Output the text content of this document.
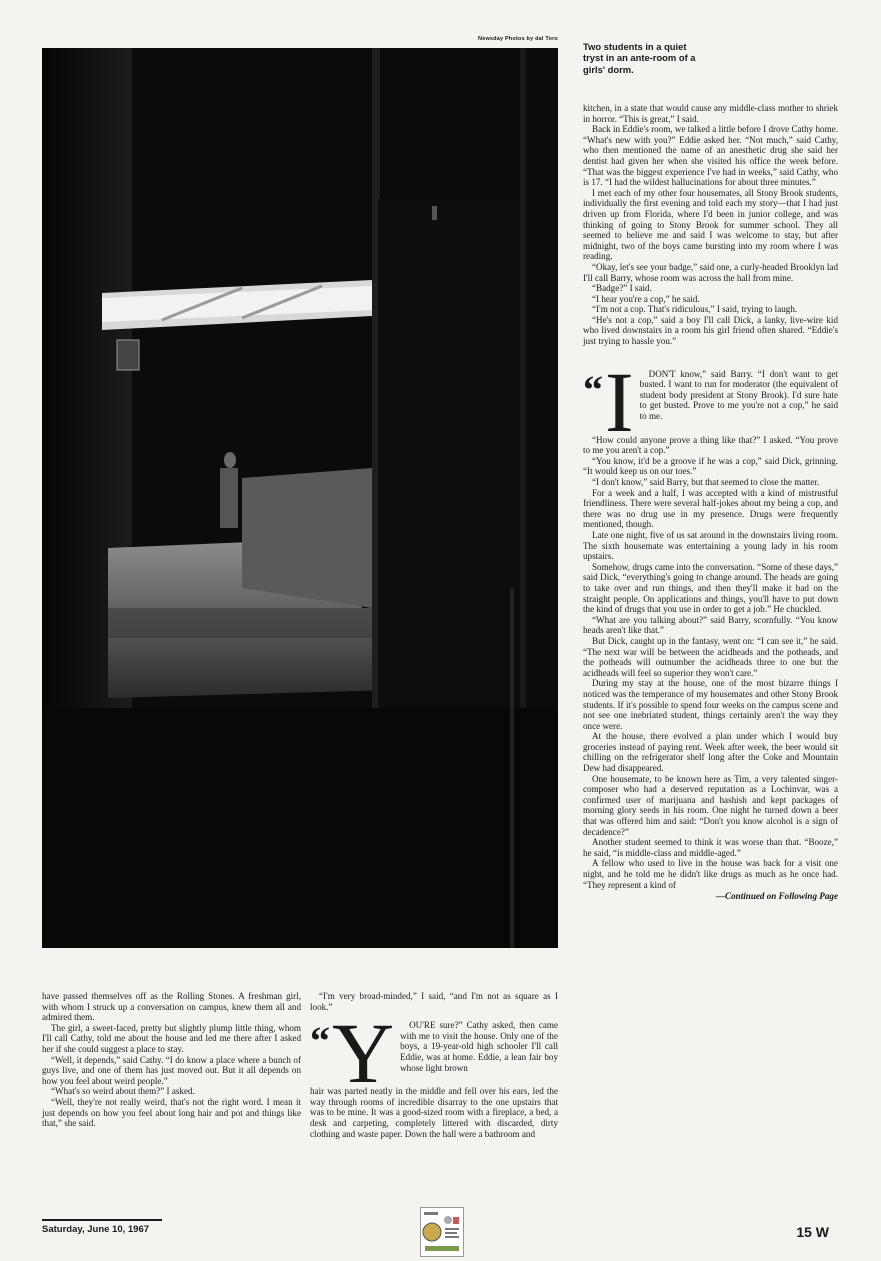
Newsday Photos by dal Toro
Two students in a quiet tryst in an ante-room of a girls' dorm.

have passed themselves off as the Rolling Stones. A freshman girl, with whom I struck up a conversation on campus, knew them all and admired them.

The girl, a sweet-faced, pretty but slightly plump little thing, whom I'll call Cathy, told me about the house and led me there after I asked her if she could suggest a place to stay.

“Well, it depends,” said Cathy. “I do know a place where a bunch of guys live, and one of them has just moved out. But it all depends on how you feel about weird people.”

“What's so weird about them?” I asked.

“Well, they're not really weird, that's not the right word. I mean it just depends on how you feel about long hair and pot and things like that,” she said.

“I'm very broad-minded,” I said, “and I'm not as square as I look.”

“ Y	OU'RE sure?” Cathy asked, then came with me to visit the house. Only one of the boys, a 19-year-old high schooler I'll call Eddie, was at home. Eddie, a lean fair boy whose light brown

hair was parted neatly in the middle and fell over his ears, led the way through rooms of incredible disarray to the one upstairs that was to be mine. It was a good-sized room with a fireplace, a bed, a desk and carpeting, completely littered with discarded, dirty clothing and waste paper. Down the hall were a bathroom and

kitchen, in a state that would cause any middle-class mother to shriek in horror. “This is great,” I said.

Back in Eddie's room, we talked a little before I drove Cathy home. “What's new with you?” Eddie asked her. “Not much,” said Cathy, who then mentioned the name of an anesthetic drug she said her dentist had given her when she visited his office the week before. “That was the biggest experience I've had in weeks,” said Cathy, who is 17. “I had the wildest hallucinations for about three minutes.”

I met each of my other four housemates, all Stony Brook students, individually the first evening and told each my story—that I had just driven up from Florida, where I'd been in junior college, and was thinking of going to Stony Brook for summer school. They all seemed to believe me and said I was welcome to stay, but after midnight, two of the boys came bursting into my room where I was reading.

“Okay, let's see your badge,” said one, a curly-headed Brooklyn lad I'll call Barry, whose room was across the hall from mine.

“Badge?” I said.

“I hear you're a cop,” he said.

“I'm not a cop. That's ridiculous,” I said, trying to laugh.

“He's not a cop,” said a boy I'll call Dick, a lanky, live-wire kid who lived downstairs in a room his girl friend often shared. “Eddie's just trying to hassle you.”

“ I	DON'T know,” said Barry. “I don't want to get busted. I want to run for moderator (the equivalent of student body president at Stony Brook). I'd sure hate to get busted. Prove to me you're not a cop,” he said to me.

“How could anyone prove a thing like that?” I asked. “You prove to me you aren't a cop.”

“You know, it'd be a groove if he was a cop,” said Dick, grinning. “It would keep us on our toes.”

“I don't know,” said Barry, but that seemed to close the matter.

For a week and a half, I was accepted with a kind of mistrustful friendliness. There were several half-jokes about my being a cop, and there was no drug use in my presence. Drugs were frequently mentioned, though.

Late one night, five of us sat around in the downstairs living room. The sixth housemate was entertaining a young lady in his room upstairs.

Somehow, drugs came into the conversation. “Some of these days,” said Dick, “everything's going to change around. The heads are going to take over and run things, and then they'll make it bad on the straight people. On applications and things, you'll have to put down the kind of drugs that you use in order to get a job.” He chuckled.

“What are you talking about?” said Barry, scornfully. “You know heads aren't like that.”

But Dick, caught up in the fantasy, went on: “I can see it,” he said. “The next war will be between the acidheads and the potheads, and the potheads will outnumber the acidheads three to one but the acidheads will feel so superior they won't care.”

During my stay at the house, one of the most bizarre things I noticed was the temperance of my housemates and other Stony Brook students. If it's possible to spend four weeks on the campus scene and not see one inebriated student, things certainly aren't the way they once were.

At the house, there evolved a plan under which I would buy groceries instead of paying rent. Week after week, the beer would sit chilling on the refrigerator shelf long after the Coke and Mountain Dew had disappeared.

One housemate, to be known here as Tim, a very talented singer-composer who had a deserved reputation as a Lochinvar, was a confirmed user of marijuana and hashish and kept packages of morning glory seeds in his room. One night he turned down a beer that was offered him and said: “Don't you know alcohol is a sign of decadence?”

Another student seemed to think it was worse than that. “Booze,” he said, “is middle-class and middle-aged.”

A fellow who used to live in the house was back for a visit one night, and he told me he didn't like drugs as much as he once had. “They represent a kind of

—Continued on Following Page
Saturday, June 10, 1967	15 W
